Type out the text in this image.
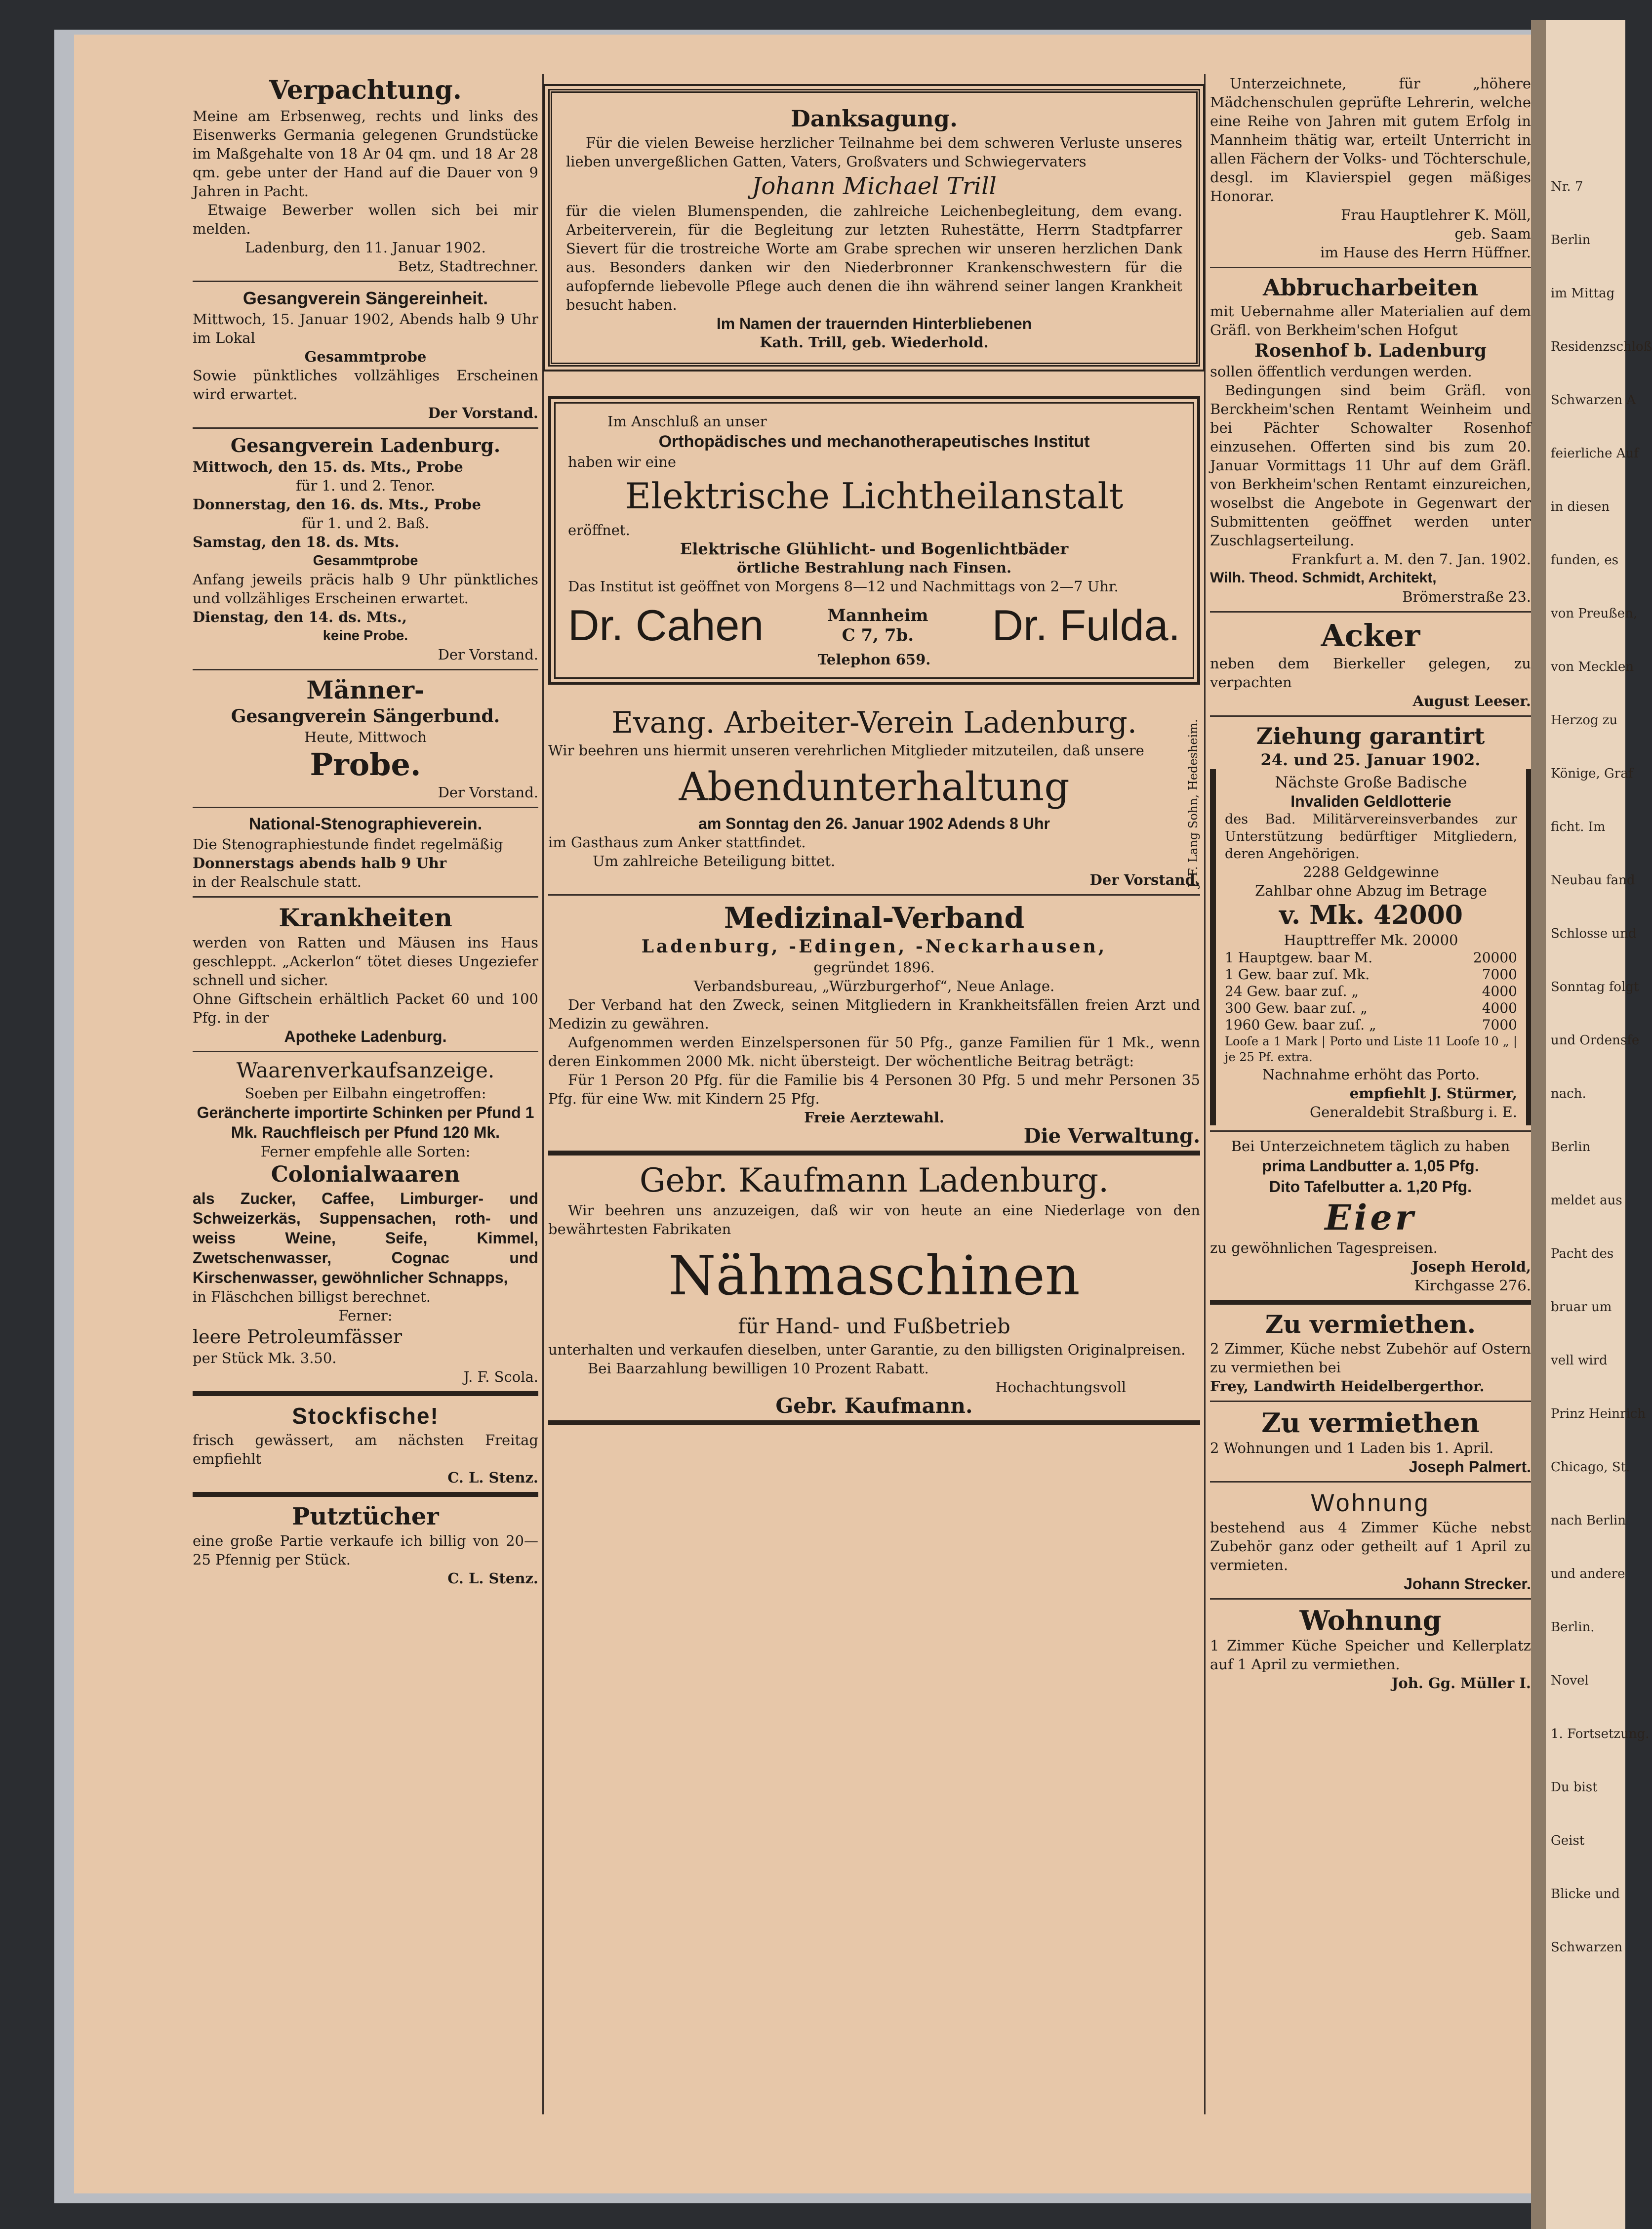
Nr. 7
Berlin
im Mittag
Residenzschloß
Schwarzen A
feierliche Auf
in diesen
funden, es
von Preußen,
von Mecklen
Herzog zu
Könige, Graf
ficht. Im
Neubau fand
Schlosse und
Sonntag folgt
und Ordensfe
nach.
Berlin
meldet aus
Pacht des
bruar um
vell wird
Prinz Heinrich
Chicago, St.
nach Berlin
und andere
Berlin.
Novel
1. Fortsetzung.
Du bist
Geist
Blicke und
Schwarzen

Verpachtung.

Meine am Erbsenweg, rechts und links des Eisenwerks Germania gelegenen Grundstücke im Maßgehalte von 18 Ar 04 qm. und 18 Ar 28 qm. gebe unter der Hand auf die Dauer von 9 Jahren in Pacht.

Etwaige Bewerber wollen sich bei mir melden.

Ladenburg, den 11. Januar 1902.

Betz, Stadtrechner.

Gesangverein Sängereinheit.

Mittwoch, 15. Januar 1902, Abends halb 9 Uhr im Lokal

Gesammtprobe

Sowie pünktliches vollzähliges Erscheinen wird erwartet.

Der Vorstand.

Gesangverein Ladenburg.

Mittwoch, den 15. ds. Mts., Probe

für 1. und 2. Tenor.

Donnerstag, den 16. ds. Mts., Probe

für 1. und 2. Baß.

Samstag, den 18. ds. Mts.

Gesammtprobe

Anfang jeweils präcis halb 9 Uhr pünktliches und vollzähliges Erscheinen erwartet.

Dienstag, den 14. ds. Mts.,

keine Probe.

Der Vorstand.

Männer-

Gesangverein Sängerbund.

Heute, Mittwoch

Probe.

Der Vorstand.

National-Stenographieverein.

Die Stenographiestunde findet regelmäßig

Donnerstags abends halb 9 Uhr

in der Realschule statt.

Krankheiten

werden von Ratten und Mäusen ins Haus geschleppt. „Ackerlon“ tötet dieses Ungeziefer schnell und sicher.

Ohne Giftschein erhältlich Packet 60 und 100 Pfg. in der

Apotheke Ladenburg.

Waarenverkaufsanzeige.

Soeben per Eilbahn eingetroffen:

Geräncherte importirte Schinken per Pfund 1 Mk. Rauchfleisch per Pfund 120 Mk.

Ferner empfehle alle Sorten:

Colonialwaaren

als Zucker, Caffee, Limburger- und Schweizerkäs, Suppensachen, roth- und weiss Weine, Seife, Kimmel, Zwetschenwasser, Cognac und Kirschenwasser, gewöhnlicher Schnapps,

in Fläschchen billigst berechnet.

Ferner:

leere Petroleumfässer

per Stück Mk. 3.50.

J. F. Scola.

Stockfische!

frisch gewässert, am nächsten Freitag empfiehlt

C. L. Stenz.

Putztücher

eine große Partie verkaufe ich billig von 20—25 Pfennig per Stück.

C. L. Stenz.

Danksagung.

Für die vielen Beweise herzlicher Teilnahme bei dem schweren Verluste unseres lieben unvergeßlichen Gatten, Vaters, Großvaters und Schwiegervaters

Johann Michael Trill

für die vielen Blumenspenden, die zahlreiche Leichenbegleitung, dem evang. Arbeiterverein, für die Begleitung zur letzten Ruhestätte, Herrn Stadtpfarrer Sievert für die trostreiche Worte am Grabe sprechen wir unseren herzlichen Dank aus. Besonders danken wir den Niederbronner Krankenschwestern für die aufopfernde liebevolle Pflege auch denen die ihn während seiner langen Krankheit besucht haben.

Im Namen der trauernden Hinterbliebenen

Kath. Trill, geb. Wiederhold.

Im Anschluß an unser

Orthopädisches und mechanotherapeutisches Institut

haben wir eine

Elektrische Lichtheilanstalt

eröffnet.

Elektrische Glühlicht- und Bogenlichtbäder

örtliche Bestrahlung nach Finsen.

Das Institut ist geöffnet von Morgens 8—12 und Nachmittags von 2—7 Uhr.

Dr. Cahen	Mannheim
C 7, 7b.	Dr. Fulda.

Telephon 659.

Evang. Arbeiter-Verein Ladenburg.

Wir beehren uns hiermit unseren verehrlichen Mitglieder mitzuteilen, daß unsere

Abendunterhaltung

am Sonntag den 26. Januar 1902 Adends 8 Uhr

im Gasthaus zum Anker stattfindet.

Um zahlreiche Beteiligung bittet.

Der Vorstand.

Medizinal-Verband

Ladenburg, -Edingen, -Neckarhausen,

gegründet 1896.

Verbandsbureau, „Würzburgerhof“, Neue Anlage.

Der Verband hat den Zweck, seinen Mitgliedern in Krankheitsfällen freien Arzt und Medizin zu gewähren.

Aufgenommen werden Einzelspersonen für 50 Pfg., ganze Familien für 1 Mk., wenn deren Einkommen 2000 Mk. nicht übersteigt. Der wöchentliche Beitrag beträgt:

Für 1 Person 20 Pfg. für die Familie bis 4 Personen 30 Pfg. 5 und mehr Personen 35 Pfg. für eine Ww. mit Kindern 25 Pfg.

Freie Aerztewahl.

Die Verwaltung.

Gebr. Kaufmann Ladenburg.

Wir beehren uns anzuzeigen, daß wir von heute an eine Niederlage von den bewährtesten Fabrikaten

Nähmaschinen

für Hand- und Fußbetrieb

unterhalten und verkaufen dieselben, unter Garantie, zu den billigsten Originalpreisen.

Bei Baarzahlung bewilligen 10 Prozent Rabatt.

Hochachtungsvoll

Gebr. Kaufmann.

Unterzeichnete, für „höhere Mädchenschulen geprüfte Lehrerin, welche eine Reihe von Jahren mit gutem Erfolg in Mannheim thätig war, erteilt Unterricht in allen Fächern der Volks- und Töchterschule, desgl. im Klavierspiel gegen mäßiges Honorar.

Frau Hauptlehrer K. Möll,

geb. Saam

im Hause des Herrn Hüffner.

Abbrucharbeiten

mit Uebernahme aller Materialien auf dem Gräfl. von Berkheim'schen Hofgut

Rosenhof b. Ladenburg

sollen öffentlich verdungen werden.

Bedingungen sind beim Gräfl. von Berckheim'schen Rentamt Weinheim und bei Pächter Schowalter Rosenhof einzusehen. Offerten sind bis zum 20. Januar Vormittags 11 Uhr auf dem Gräfl. von Berkheim'schen Rentamt einzureichen, woselbst die Angebote in Gegenwart der Submittenten geöffnet werden unter Zuschlagserteilung.

Frankfurt a. M. den 7. Jan. 1902.

Wilh. Theod. Schmidt, Architekt,

Brömerstraße 23.

Acker

neben dem Bierkeller gelegen, zu verpachten

August Leeser.

Ziehung garantirt

24. und 25. Januar 1902.

J. F. Lang Sohn, Hedesheim.	Nächste Große Badische

Invaliden Geldlotterie

des Bad. Militärvereinsverbandes zur Unterstützung bedürftiger Mitgliedern, deren Angehörigen.

2288 Geldgewinne

Zahlbar ohne Abzug im Betrage

v. Mk. 42000

Haupttreffer Mk. 20000

1 Hauptgew. baar M.	20000
1 Gew. baar zuſ. Mk.	7000
24 Gew. baar zuſ. „	4000
300 Gew. baar zuſ. „	4000
1960 Gew. baar zuſ. „	7000

Looſe a 1 Mark | Porto und Liste 11 Looſe 10 „ | je 25 Pf. extra.

Nachnahme erhöht das Porto.

empfiehlt J. Stürmer,

Generaldebit Straßburg i. E.

Bei Unterzeichnetem täglich zu haben

prima Landbutter a. 1,05 Pfg.

Dito Tafelbutter a. 1,20 Pfg.

Eier

zu gewöhnlichen Tagespreisen.

Joseph Herold,

Kirchgasse 276.

Zu vermiethen.

2 Zimmer, Küche nebst Zubehör auf Ostern zu vermiethen bei

Frey, Landwirth Heidelbergerthor.

Zu vermiethen

2 Wohnungen und 1 Laden bis 1. April.

Joseph Palmert.

Wohnung

bestehend aus 4 Zimmer Küche nebst Zubehör ganz oder getheilt auf 1 April zu vermieten.

Johann Strecker.

Wohnung

1 Zimmer Küche Speicher und Kellerplatz auf 1 April zu vermiethen.

Joh. Gg. Müller I.
